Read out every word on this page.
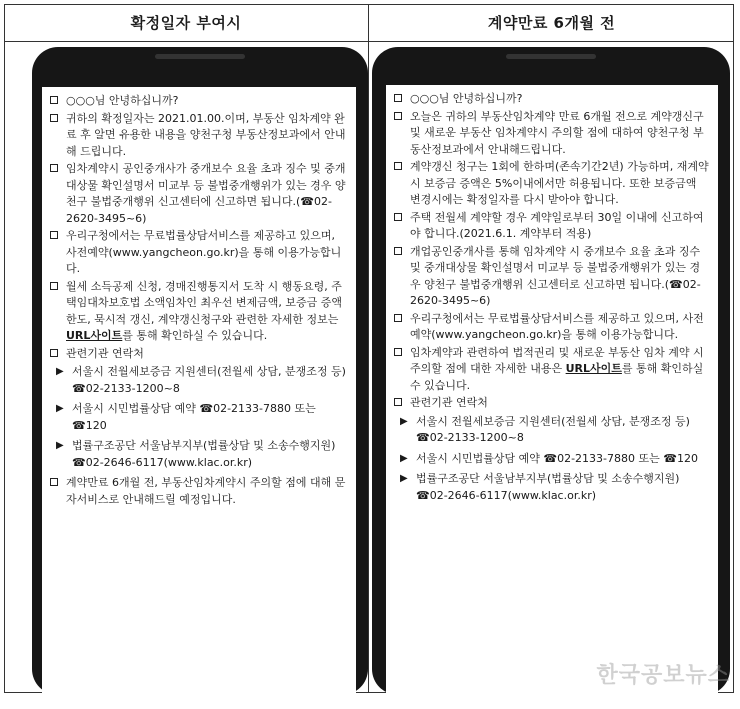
확정일자 부여시	계약만료 6개월 전
○○○님 안녕하십니까?
귀하의 확정일자는 2021.01.00.이며, 부동산 임차계약 완료 후 알면 유용한 내용을 양천구청 부동산정보과에서 안내해 드립니다.
임차계약시 공인중개사가 중개보수 요율 초과 징수 및 중개대상물 확인설명서 미교부 등 불법중개행위가 있는 경우 양천구 불법중개행위 신고센터에 신고하면 됩니다.(☎02-2620-3495~6)
우리구청에서는 무료법률상담서비스를 제공하고 있으며, 사전예약(www.yangcheon.go.kr)을 통해 이용가능합니다.
월세 소득공제 신청, 경매진행통지서 도착 시 행동요령, 주택임대차보호법 소액임차인 최우선 변제금액, 보증금 증액한도, 묵시적 갱신, 계약갱신청구와 관련한 자세한 정보는 URL사이트를 통해 확인하실 수 있습니다.
관련기관 연락처
▶ 서울시 전월세보증금 지원센터(전월세 상담, 분쟁조정 등) ☎02-2133-1200~8
▶ 서울시 시민법률상담 예약 ☎02-2133-7880 또는 ☎120
▶ 법률구조공단 서울남부지부(법률상담 및 소송수행지원) ☎02-2646-6117(www.klac.or.kr)
계약만료 6개월 전, 부동산임차계약시 주의할 점에 대해 문자서비스로 안내해드릴 예정입니다.
○○○님 안녕하십니까?
오늘은 귀하의 부동산임차계약 만료 6개월 전으로 계약갱신구 및 새로운 부동산 임차계약시 주의할 점에 대하여 양천구청 부동산정보과에서 안내해드립니다.
계약갱신 청구는 1회에 한하며(존속기간2년) 가능하며, 재계약시 보증금 증액은 5%이내에서만 허용됩니다. 또한 보증금액 변경시에는 확정일자를 다시 받아야 합니다.
주택 전월세 계약할 경우 계약일로부터 30일 이내에 신고하여야 합니다.(2021.6.1. 계약부터 적용)
개업공인중개사를 통해 임차계약 시 중개보수 요율 초과 징수 및 중개대상물 확인설명서 미교부 등 불법중개행위가 있는 경우 양천구 불법중개행위 신고센터로 신고하면 됩니다.(☎02-2620-3495~6)
우리구청에서는 무료법률상담서비스를 제공하고 있으며, 사전예약(www.yangcheon.go.kr)을 통해 이용가능합니다.
임차계약과 관련하여 법적권리 및 새로운 부동산 임차 계약 시 주의할 점에 대한 자세한 내용은 URL사이트를 통해 확인하실 수 있습니다.
관련기관 연락처
▶ 서울시 전월세보증금 지원센터(전월세 상담, 분쟁조정 등) ☎02-2133-1200~8
▶ 서울시 시민법률상담 예약 ☎02-2133-7880 또는 ☎120
▶ 법률구조공단 서울남부지부(법률상담 및 소송수행지원) ☎02-2646-6117(www.klac.or.kr)
한국공보뉴스
